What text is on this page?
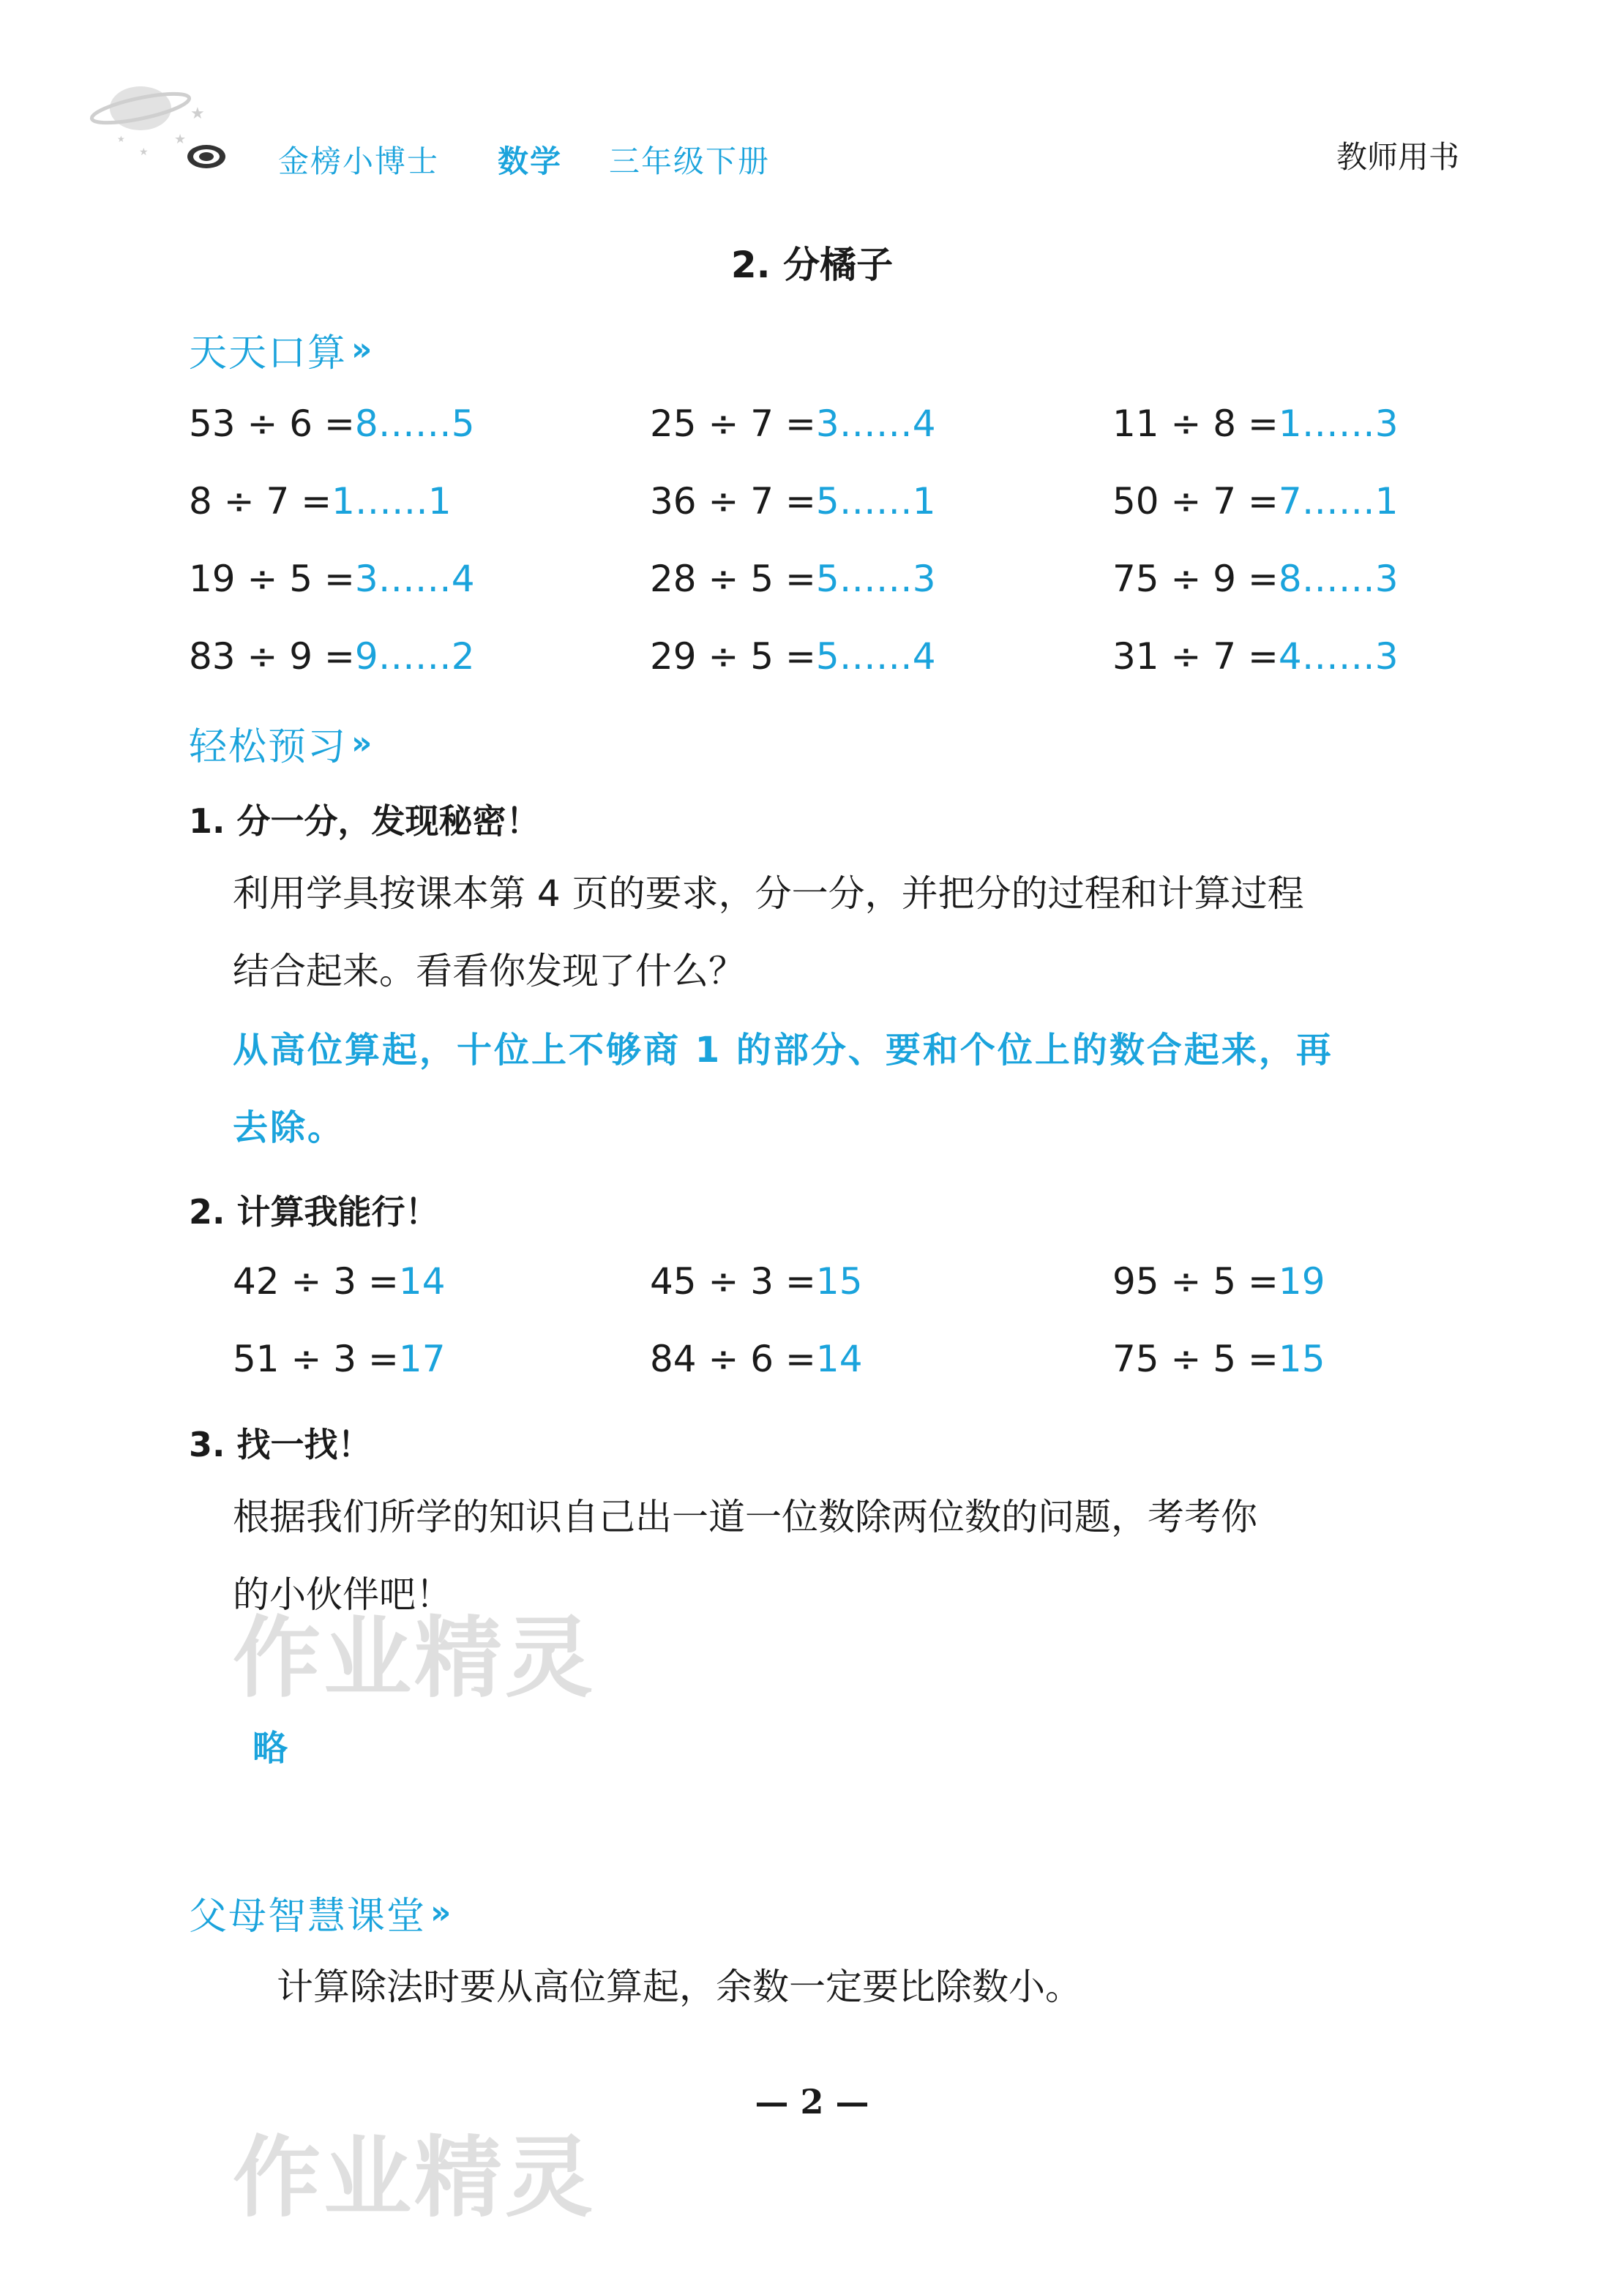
★
★
★
★
金榜小博士 数学 三年级下册	教师用书
2. 分橘子
天天口算 »
53 ÷ 6 =8……5	25 ÷ 7 =3……4	11 ÷ 8 =1……3
8 ÷ 7 =1……1	36 ÷ 7 =5……1	50 ÷ 7 =7……1
19 ÷ 5 =3……4	28 ÷ 5 =5……3	75 ÷ 9 =8……3
83 ÷ 9 =9……2	29 ÷ 5 =5……4	31 ÷ 7 =4……3
轻松预习 »
1. 分一分，发现秘密！
利用学具按课本第 4 页的要求，分一分，并把分的过程和计算过程
结合起来。看看你发现了什么？
从高位算起，十位上不够商 1 的部分、要和个位上的数合起来，再
去除。
2. 计算我能行！
42 ÷ 3 =14	45 ÷ 3 =15	95 ÷ 5 =19
51 ÷ 3 =17	84 ÷ 6 =14	75 ÷ 5 =15
3. 找一找！
根据我们所学的知识自己出一道一位数除两位数的问题，考考你
的小伙伴吧！
作业精灵
略
父母智慧课堂 »
计算除法时要从高位算起，余数一定要比除数小。
— 2 —
作业精灵
